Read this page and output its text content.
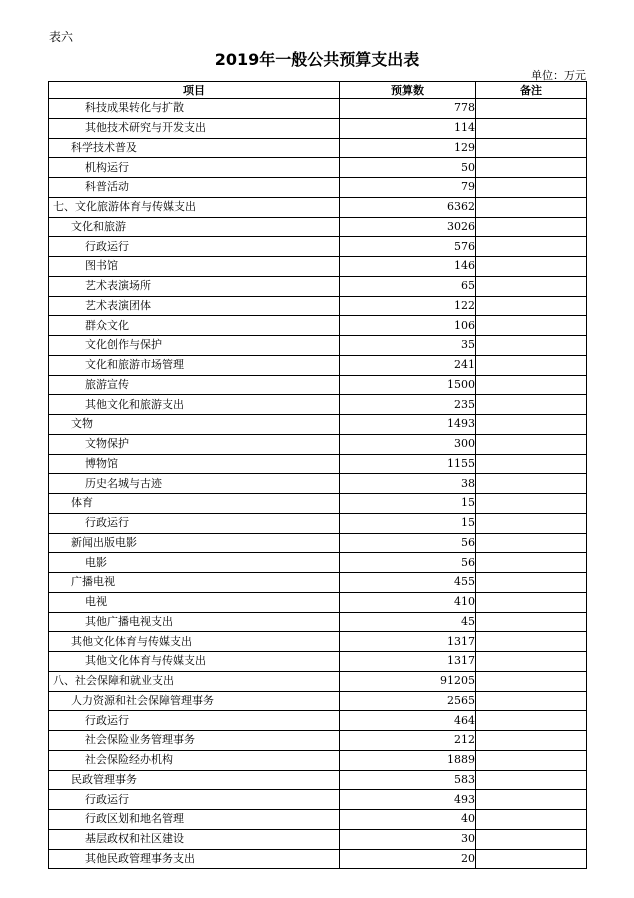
表六
2019年一般公共预算支出表
单位：万元
项目	预算数	备注
科技成果转化与扩散	778	
其他技术研究与开发支出	114	
科学技术普及	129	
机构运行	50	
科普活动	79	
七、文化旅游体育与传媒支出	6362	
文化和旅游	3026	
行政运行	576	
图书馆	146	
艺术表演场所	65	
艺术表演团体	122	
群众文化	106	
文化创作与保护	35	
文化和旅游市场管理	241	
旅游宣传	1500	
其他文化和旅游支出	235	
文物	1493	
文物保护	300	
博物馆	1155	
历史名城与古迹	38	
体育	15	
行政运行	15	
新闻出版电影	56	
电影	56	
广播电视	455	
电视	410	
其他广播电视支出	45	
其他文化体育与传媒支出	1317	
其他文化体育与传媒支出	1317	
八、社会保障和就业支出	91205	
人力资源和社会保障管理事务	2565	
行政运行	464	
社会保险业务管理事务	212	
社会保险经办机构	1889	
民政管理事务	583	
行政运行	493	
行政区划和地名管理	40	
基层政权和社区建设	30	
其他民政管理事务支出	20	
